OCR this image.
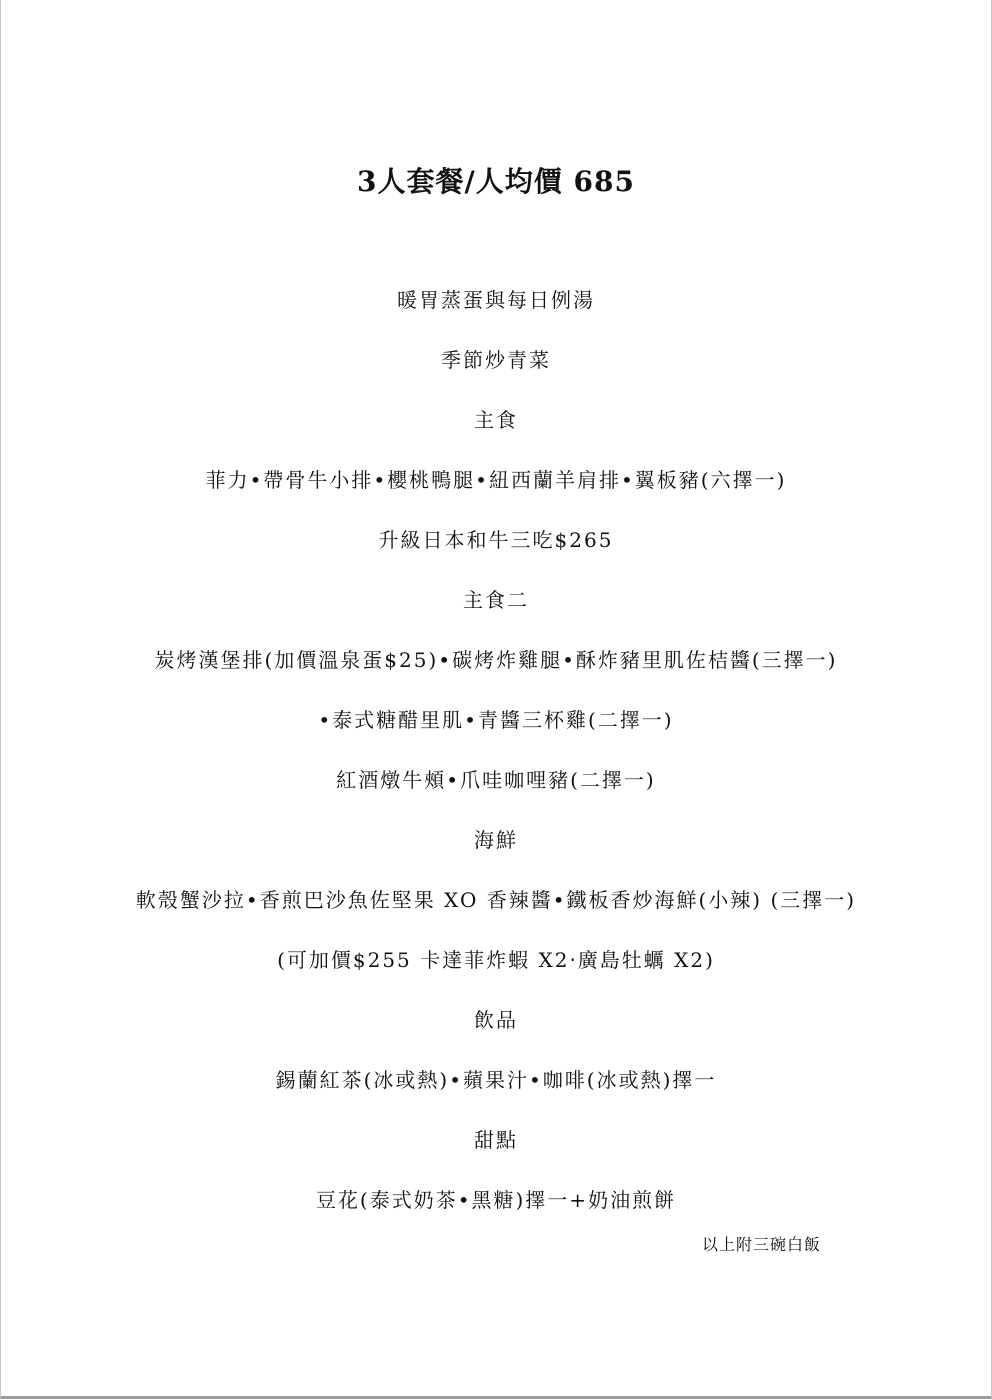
3人套餐/人均價 685
暖胃蒸蛋與每日例湯
季節炒青菜
主食
菲力•帶骨牛小排•櫻桃鴨腿•紐西蘭羊肩排•翼板豬(六擇一)
升級日本和牛三吃$265
主食二
炭烤漢堡排(加價溫泉蛋$25)•碳烤炸雞腿•酥炸豬里肌佐桔醬(三擇一)
•泰式糖醋里肌•青醬三杯雞(二擇一)
紅酒燉牛頰•爪哇咖哩豬(二擇一)
海鮮
軟殼蟹沙拉•香煎巴沙魚佐堅果 XO 香辣醬•鐵板香炒海鮮(小辣) (三擇一)
(可加價$255 卡達菲炸蝦 X2‧廣島牡蠣 X2)
飲品
錫蘭紅茶(冰或熱)•蘋果汁•咖啡(冰或熱)擇一
甜點
豆花(泰式奶茶•黑糖)擇一+奶油煎餅
以上附三碗白飯
